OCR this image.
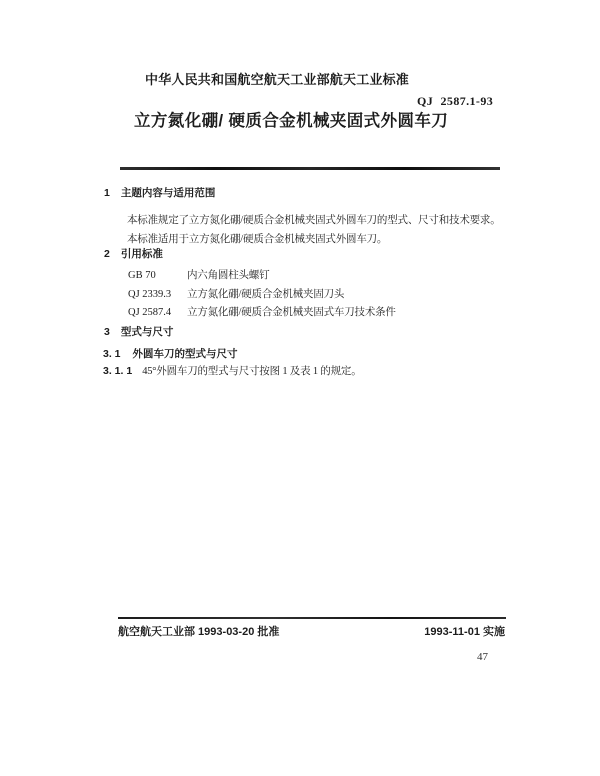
中华人民共和国航空航天工业部航天工业标准
QJ 2587.1-93
立方氮化硼/ 硬质合金机械夹固式外圆车刀
1 主题内容与适用范围
本标准规定了立方氮化硼/硬质合金机械夹固式外圆车刀的型式、尺寸和技术要求。
本标准适用于立方氮化硼/硬质合金机械夹固式外圆车刀。
2 引用标准
GB 70	内六角圆柱头螺钉
QJ 2339.3	立方氮化硼/硬质合金机械夹固刀头
QJ 2587.4	立方氮化硼/硬质合金机械夹固式车刀技术条件
3 型式与尺寸
3. 1 外圆车刀的型式与尺寸
3. 1. 1 45°外圆车刀的型式与尺寸按图 1 及表 1 的规定。
航空航天工业部 1993-03-20 批准	1993-11-01 实施
47
